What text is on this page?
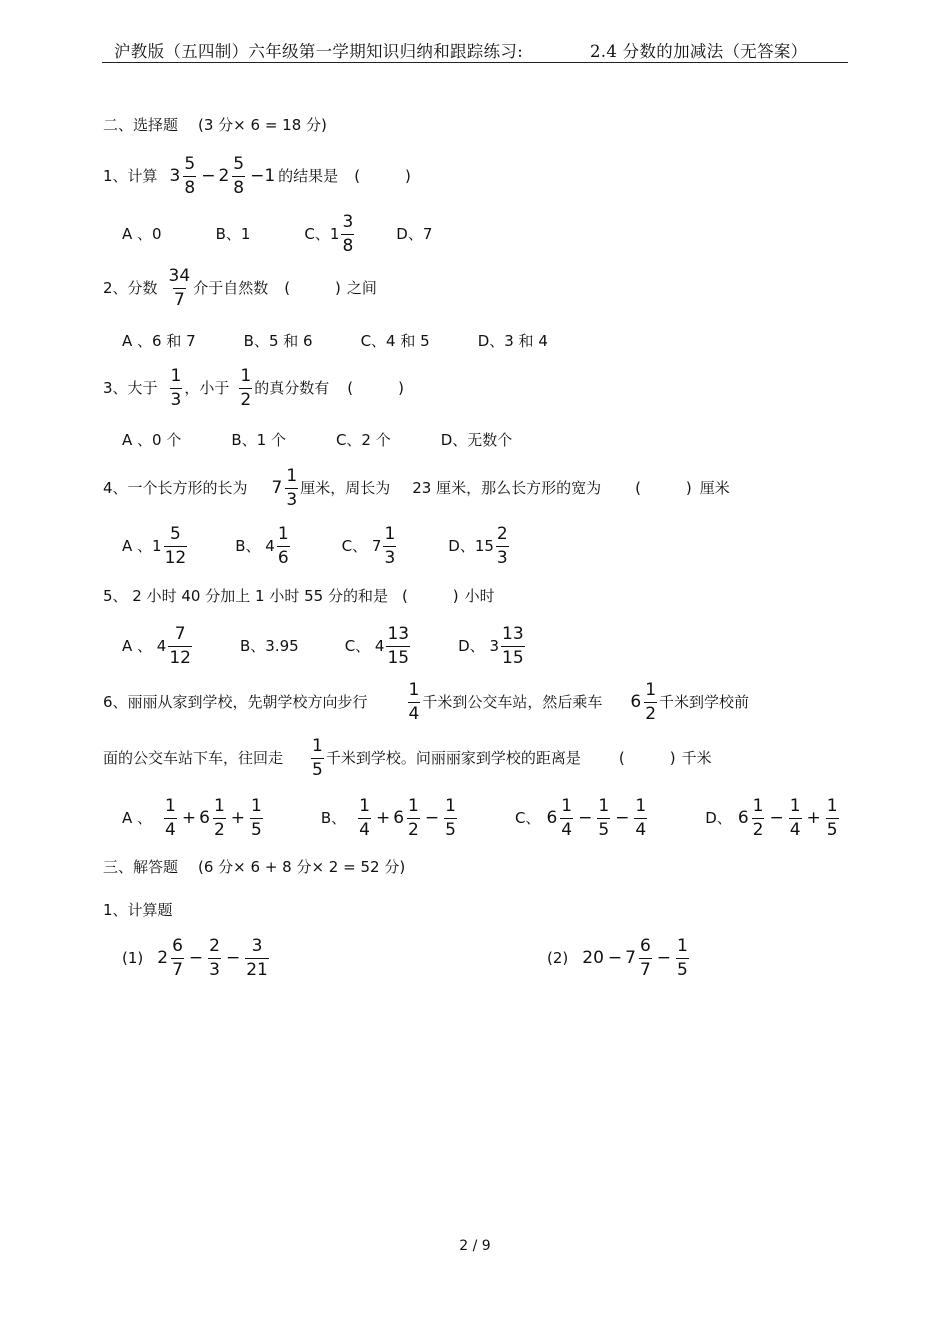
沪教版（五四制）六年级第一学期知识归纳和跟踪练习:	2.4 分数的加减法（无答案）
二、选择题 (3 分× 6 = 18 分)
1、计算 3
5
8
− 2
5
8
−1 的结果是 (　　　)
A 、0	B、1	C、1
3
8
D、7
2、分数
34
7
介于自然数 (　　　) 之间
A 、6 和 7	B、5 和 6	C、4 和 5	D、3 和 4
3、大于
1
3
，小于
1
2
的真分数有 (　　　)
A 、0 个	B、1 个	C、2 个	D、无数个
4、一个长方形的长为 7
1
3
厘米，周长为 23 厘米，那么长方形的宽为 (　　　) 厘米
A 、1
5
12
B、 4
1
6
C、 7
1
3
D、15
2
3
5、 2 小时 40 分加上 1 小时 55 分的和是 (　　　) 小时
A 、 4
7
12
B、3.95	C、 4
13
15
D、 3
13
15
6、丽丽从家到学校，先朝学校方向步行
1
4
千米到公交车站，然后乘车 6
1
2
千米到学校前
面的公交车站下车，往回走
1
5
千米到学校。问丽丽家到学校的距离是	(　　　) 千米
A 、
1
4
+ 6
1
2
+ $\frac{1}{5}$	B、
1
4
+ 6
1
2
− $\frac{1}{5}$	C、 6
1
4
− $\frac{1}{5} - \frac{1}{4}$	D、 6
1
2
− $\frac{1}{4} + \frac{1}{5}$
三、解答题 (6 分× 6 + 8 分× 2 = 52 分)
1、计算题
(1) 2
6
7
− $\frac{2}{3} - \frac{3}{21}$	(2) 20 − 7
6
7
− $\frac{1}{5}$
2 / 9
